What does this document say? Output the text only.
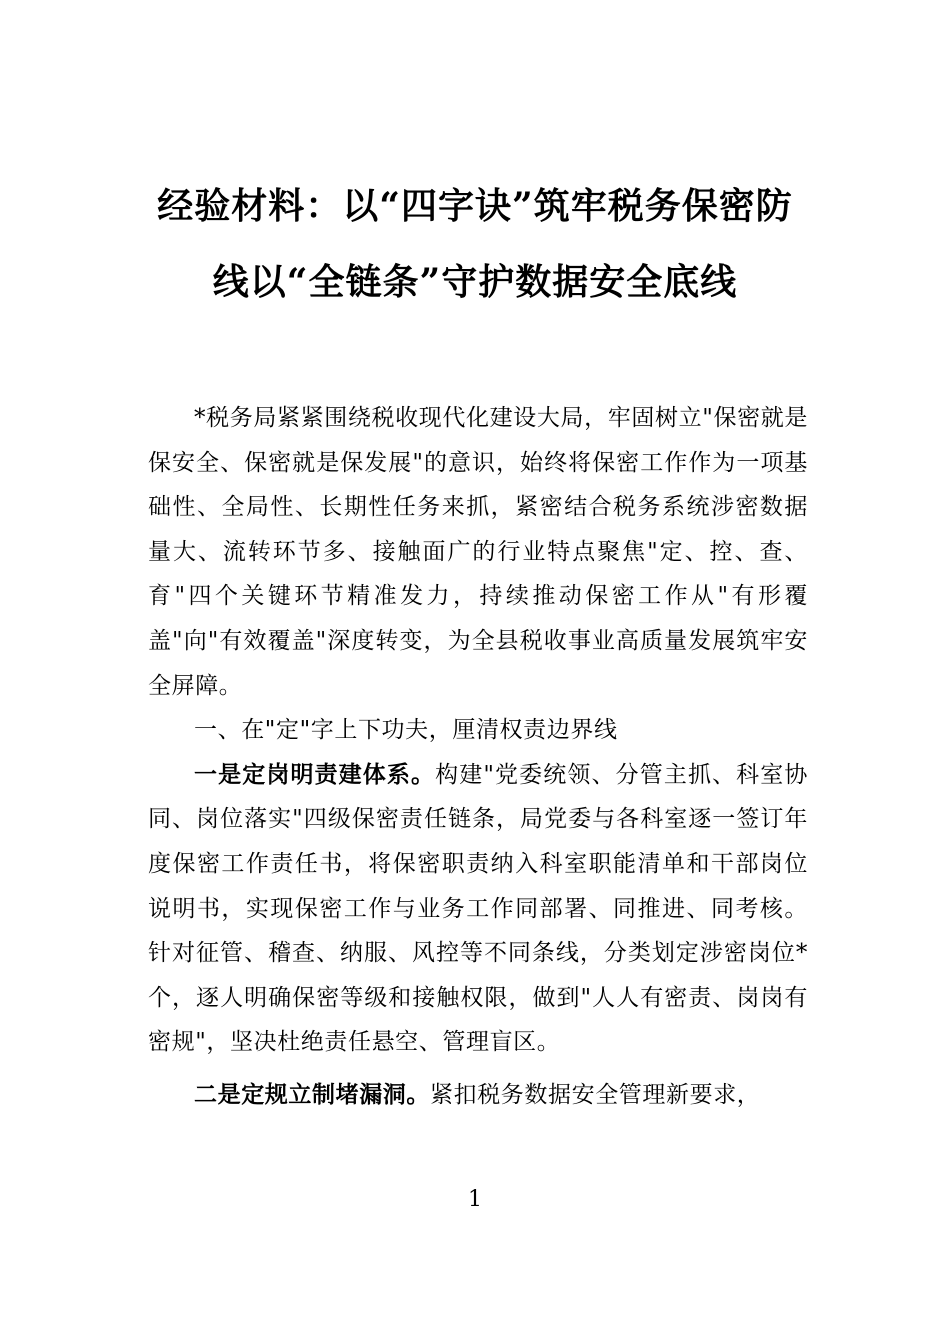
经验材料：以“四字诀”筑牢税务保密防
线以“全链条”守护数据安全底线

*税务局紧紧围绕税收现代化建设大局，牢固树立"保密就是保安全、保密就是保发展"的意识，始终将保密工作作为一项基础性、全局性、长期性任务来抓，紧密结合税务系统涉密数据量大、流转环节多、接触面广的行业特点聚焦"定、控、查、育"四个关键环节精准发力，持续推动保密工作从"有形覆盖"向"有效覆盖"深度转变，为全县税收事业高质量发展筑牢安全屏障。

一、在"定"字上下功夫，厘清权责边界线

一是定岗明责建体系。构建"党委统领、分管主抓、科室协同、岗位落实"四级保密责任链条，局党委与各科室逐一签订年度保密工作责任书，将保密职责纳入科室职能清单和干部岗位说明书，实现保密工作与业务工作同部署、同推进、同考核。针对征管、稽查、纳服、风控等不同条线，分类划定涉密岗位*个，逐人明确保密等级和接触权限，做到"人人有密责、岗岗有密规"，坚决杜绝责任悬空、管理盲区。

二是定规立制堵漏洞。紧扣税务数据安全管理新要求，

1
